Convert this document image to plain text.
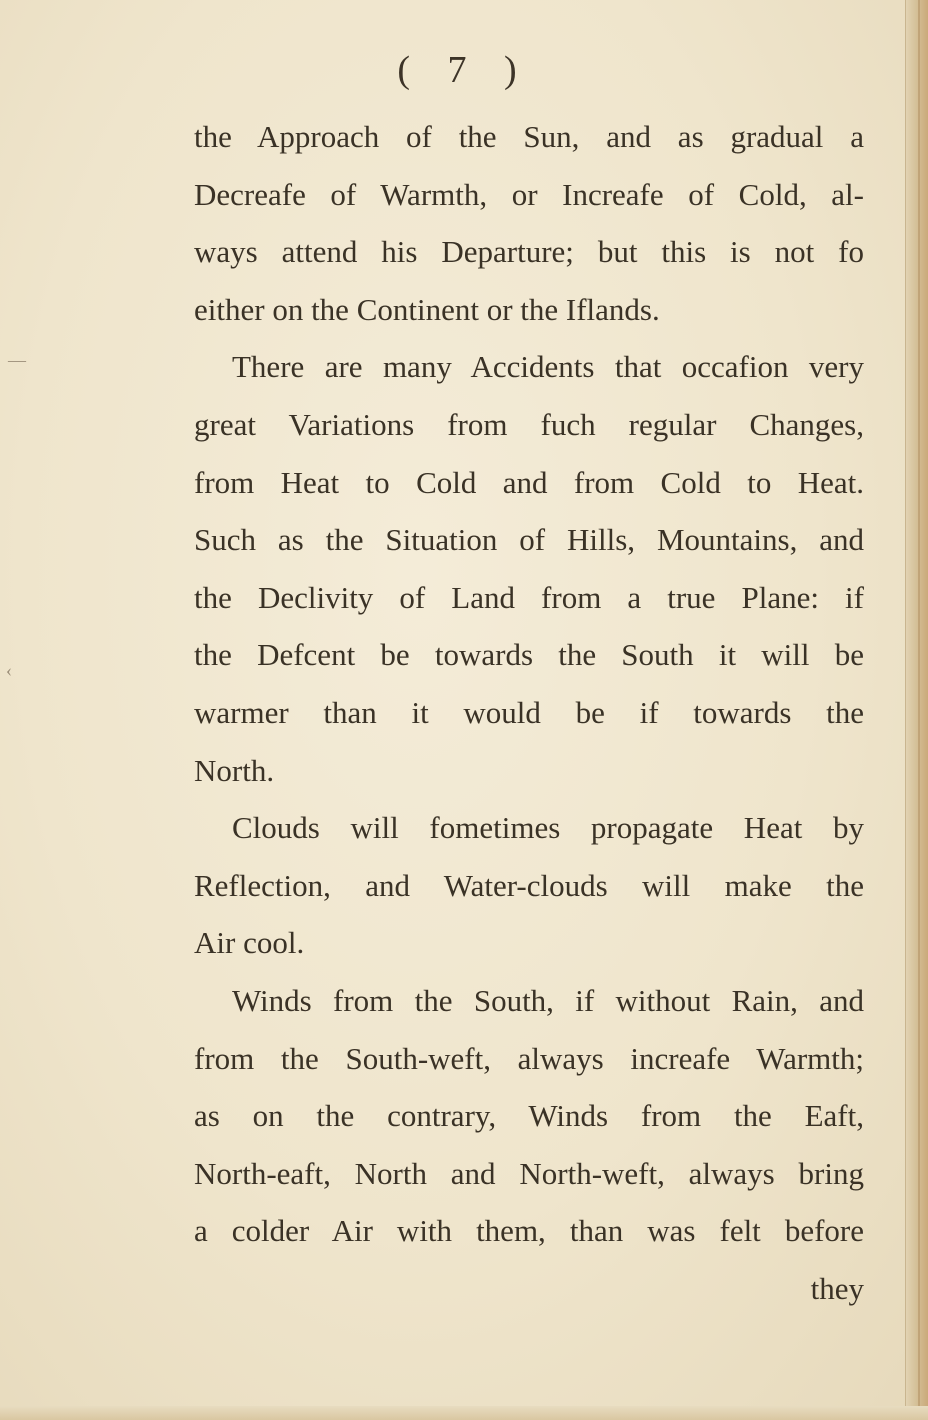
—
‹
( 7 )
the Approach of the Sun, and as gradual a
Decreafe of Warmth, or Increafe of Cold, al-
ways attend his Departure; but this is not fo
either on the Continent or the Iflands.
There are many Accidents that occafion very
great Variations from fuch regular Changes,
from Heat to Cold and from Cold to Heat.
Such as the Situation of Hills, Mountains, and
the Declivity of Land from a true Plane: if
the Defcent be towards the South it will be
warmer than it would be if towards the
North.
Clouds will fometimes propagate Heat by
Reflection, and Water-clouds will make the
Air cool.
Winds from the South, if without Rain, and
from the South-weft, always increafe Warmth;
as on the contrary, Winds from the Eaft,
North-eaft, North and North-weft, always bring
a colder Air with them, than was felt before
they
